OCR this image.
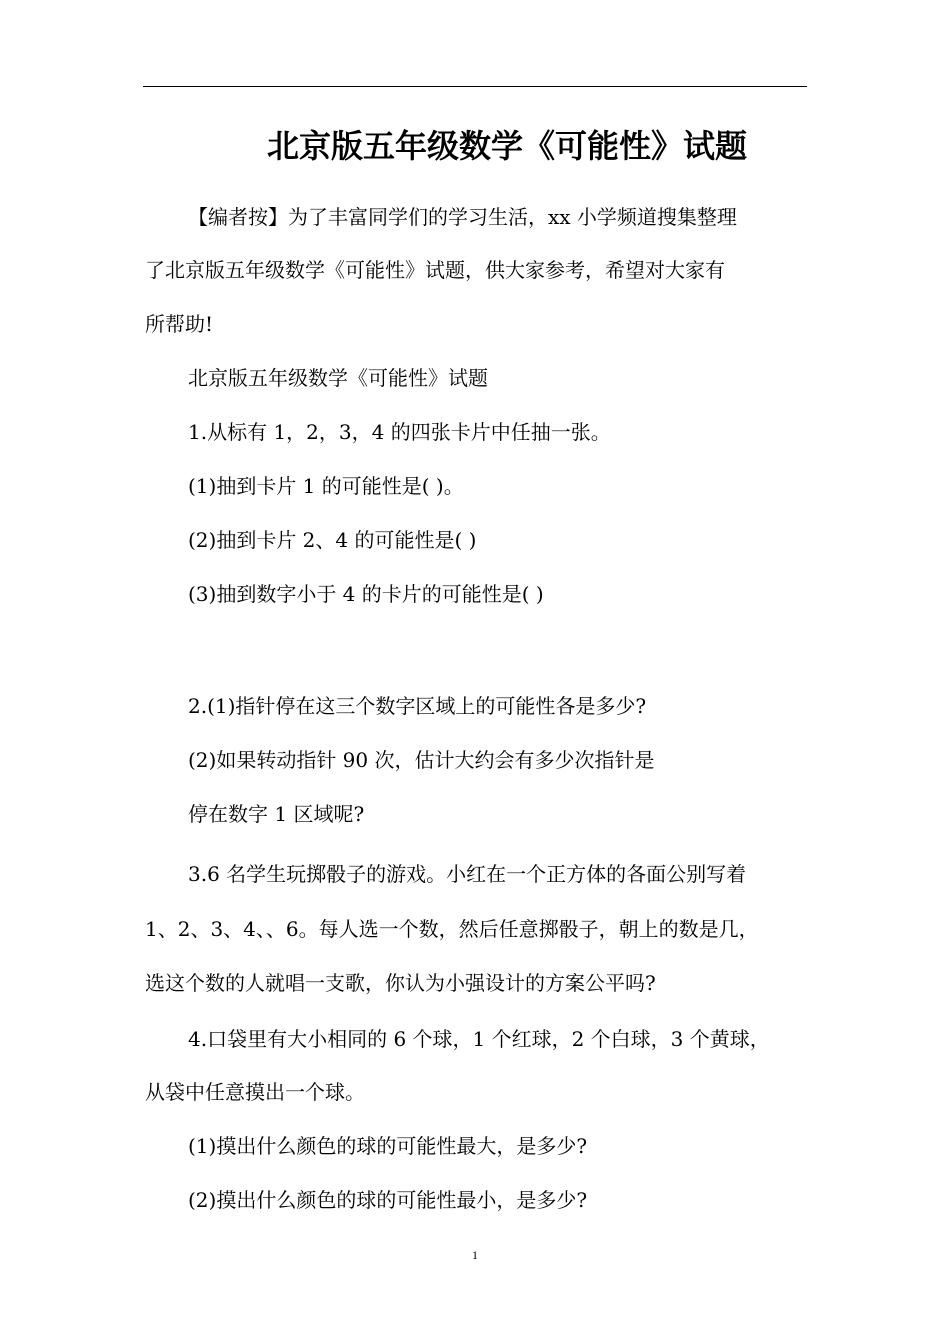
北京版五年级数学《可能性》试题
【编者按】为了丰富同学们的学习生活，xx 小学频道搜集整理
了北京版五年级数学《可能性》试题，供大家参考，希望对大家有
所帮助!
北京版五年级数学《可能性》试题
1.从标有 1，2，3，4 的四张卡片中任抽一张。
(1)抽到卡片 1 的可能性是( )。
(2)抽到卡片 2、4 的可能性是( )
(3)抽到数字小于 4 的卡片的可能性是( )
2.(1)指针停在这三个数字区域上的可能性各是多少?
(2)如果转动指针 90 次，估计大约会有多少次指针是
停在数字 1 区域呢?
3.6 名学生玩掷骰子的游戏。小红在一个正方体的各面公别写着
1、2、3、4、、6。每人选一个数，然后任意掷骰子，朝上的数是几，
选这个数的人就唱一支歌，你认为小强设计的方案公平吗?
4.口袋里有大小相同的 6 个球，1 个红球，2 个白球，3 个黄球，
从袋中任意摸出一个球。
(1)摸出什么颜色的球的可能性最大，是多少?
(2)摸出什么颜色的球的可能性最小，是多少?
1
